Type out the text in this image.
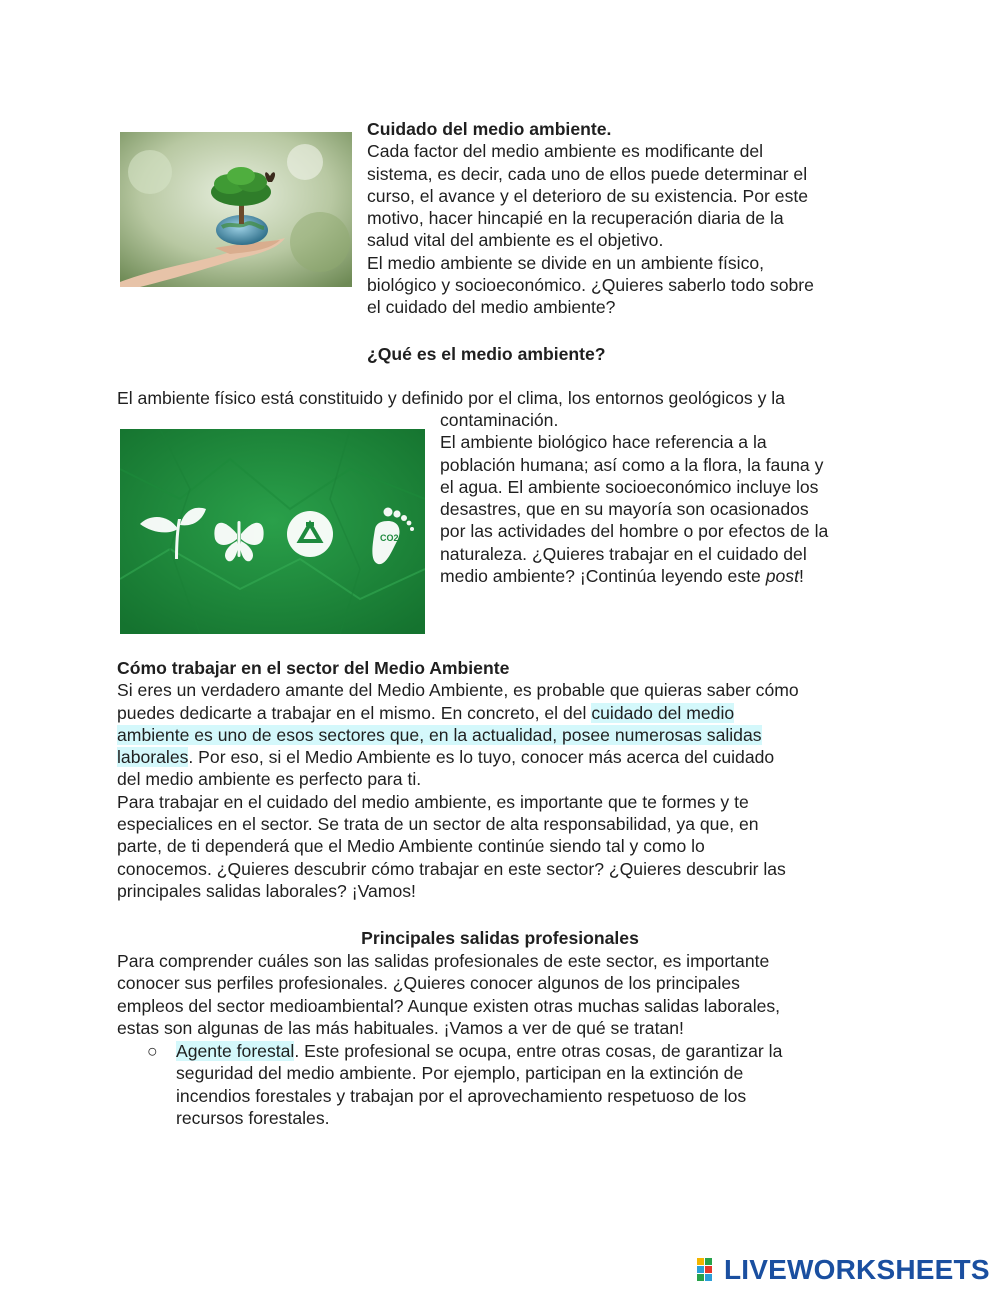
Cuidado del medio ambiente.
Cada factor del medio ambiente es modificante del
sistema, es decir, cada uno de ellos puede determinar el
curso, el avance y el deterioro de su existencia. Por este
motivo, hacer hincapié en la recuperación diaria de la
salud vital del ambiente es el objetivo.
El medio ambiente se divide en un ambiente físico,
biológico y socioeconómico. ¿Quieres saberlo todo sobre
el cuidado del medio ambiente?
¿Qué es el medio ambiente?
El ambiente físico está constituido y definido por el clima, los entornos geológicos y la
CO2
contaminación.
El ambiente biológico hace referencia a la
población humana; así como a la flora, la fauna y
el agua. El ambiente socioeconómico incluye los
desastres, que en su mayoría son ocasionados
por las actividades del hombre o por efectos de la
naturaleza. ¿Quieres trabajar en el cuidado del
medio ambiente? ¡Continúa leyendo este post!
Cómo trabajar en el sector del Medio Ambiente
Si eres un verdadero amante del Medio Ambiente, es probable que quieras saber cómo
puedes dedicarte a trabajar en el mismo. En concreto, el del cuidado del medio
ambiente es uno de esos sectores que, en la actualidad, posee numerosas salidas
laborales. Por eso, si el Medio Ambiente es lo tuyo, conocer más acerca del cuidado
del medio ambiente es perfecto para ti.
Para trabajar en el cuidado del medio ambiente, es importante que te formes y te
especialices en el sector. Se trata de un sector de alta responsabilidad, ya que, en
parte, de ti dependerá que el Medio Ambiente continúe siendo tal y como lo
conocemos. ¿Quieres descubrir cómo trabajar en este sector? ¿Quieres descubrir las
principales salidas laborales? ¡Vamos!
Principales salidas profesionales
Para comprender cuáles son las salidas profesionales de este sector, es importante
conocer sus perfiles profesionales. ¿Quieres conocer algunos de los principales
empleos del sector medioambiental? Aunque existen otras muchas salidas laborales,
estas son algunas de las más habituales. ¡Vamos a ver de qué se tratan!
○ Agente forestal. Este profesional se ocupa, entre otras cosas, de garantizar la
seguridad del medio ambiente. Por ejemplo, participan en la extinción de
incendios forestales y trabajan por el aprovechamiento respetuoso de los
recursos forestales.
LIVEWORKSHEETS
